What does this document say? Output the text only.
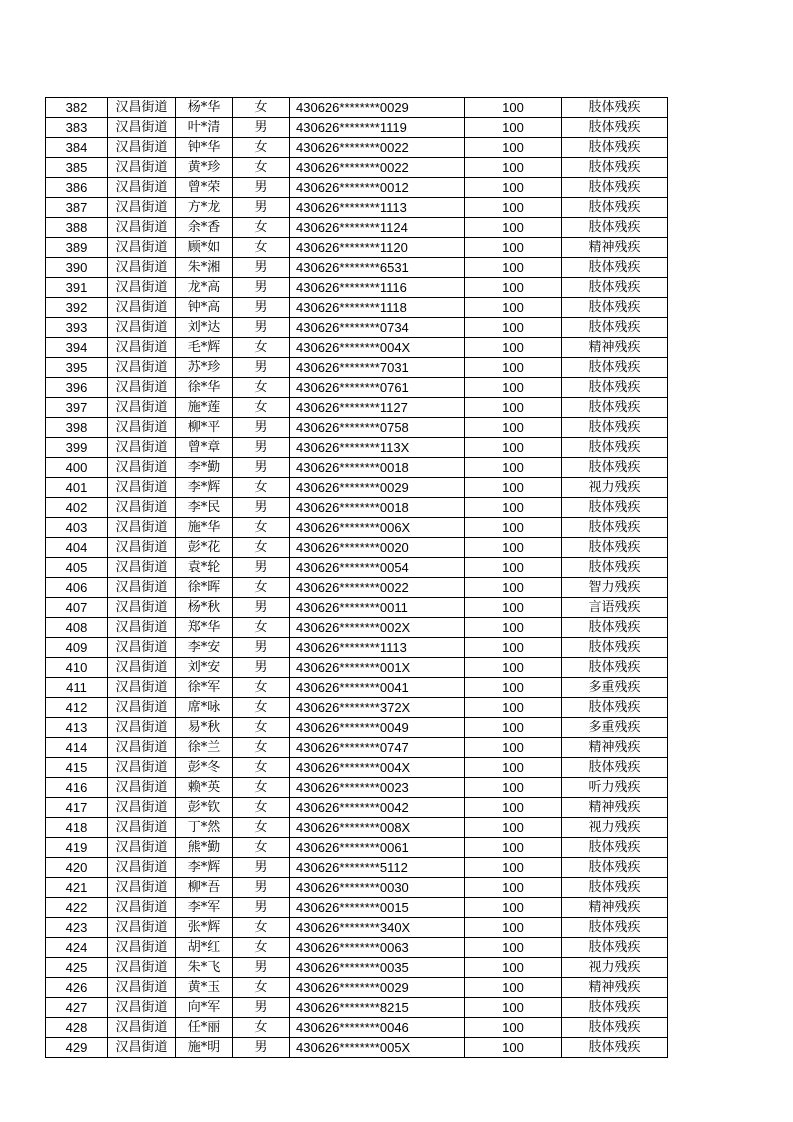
382	汉昌街道	杨*华	女	430626********0029	100	肢体残疾
383	汉昌街道	叶*清	男	430626********1119	100	肢体残疾
384	汉昌街道	钟*华	女	430626********0022	100	肢体残疾
385	汉昌街道	黄*珍	女	430626********0022	100	肢体残疾
386	汉昌街道	曾*荣	男	430626********0012	100	肢体残疾
387	汉昌街道	方*龙	男	430626********1113	100	肢体残疾
388	汉昌街道	余*香	女	430626********1124	100	肢体残疾
389	汉昌街道	顾*如	女	430626********1120	100	精神残疾
390	汉昌街道	朱*湘	男	430626********6531	100	肢体残疾
391	汉昌街道	龙*高	男	430626********1116	100	肢体残疾
392	汉昌街道	钟*高	男	430626********1118	100	肢体残疾
393	汉昌街道	刘*达	男	430626********0734	100	肢体残疾
394	汉昌街道	毛*辉	女	430626********004X	100	精神残疾
395	汉昌街道	苏*珍	男	430626********7031	100	肢体残疾
396	汉昌街道	徐*华	女	430626********0761	100	肢体残疾
397	汉昌街道	施*莲	女	430626********1127	100	肢体残疾
398	汉昌街道	柳*平	男	430626********0758	100	肢体残疾
399	汉昌街道	曾*章	男	430626********113X	100	肢体残疾
400	汉昌街道	李*勤	男	430626********0018	100	肢体残疾
401	汉昌街道	李*辉	女	430626********0029	100	视力残疾
402	汉昌街道	李*民	男	430626********0018	100	肢体残疾
403	汉昌街道	施*华	女	430626********006X	100	肢体残疾
404	汉昌街道	彭*花	女	430626********0020	100	肢体残疾
405	汉昌街道	袁*轮	男	430626********0054	100	肢体残疾
406	汉昌街道	徐*晖	女	430626********0022	100	智力残疾
407	汉昌街道	杨*秋	男	430626********0011	100	言语残疾
408	汉昌街道	郑*华	女	430626********002X	100	肢体残疾
409	汉昌街道	李*安	男	430626********1113	100	肢体残疾
410	汉昌街道	刘*安	男	430626********001X	100	肢体残疾
411	汉昌街道	徐*军	女	430626********0041	100	多重残疾
412	汉昌街道	席*咏	女	430626********372X	100	肢体残疾
413	汉昌街道	易*秋	女	430626********0049	100	多重残疾
414	汉昌街道	徐*兰	女	430626********0747	100	精神残疾
415	汉昌街道	彭*冬	女	430626********004X	100	肢体残疾
416	汉昌街道	赖*英	女	430626********0023	100	听力残疾
417	汉昌街道	彭*钦	女	430626********0042	100	精神残疾
418	汉昌街道	丁*然	女	430626********008X	100	视力残疾
419	汉昌街道	熊*勤	女	430626********0061	100	肢体残疾
420	汉昌街道	李*辉	男	430626********5112	100	肢体残疾
421	汉昌街道	柳*吾	男	430626********0030	100	肢体残疾
422	汉昌街道	李*军	男	430626********0015	100	精神残疾
423	汉昌街道	张*辉	女	430626********340X	100	肢体残疾
424	汉昌街道	胡*红	女	430626********0063	100	肢体残疾
425	汉昌街道	朱*飞	男	430626********0035	100	视力残疾
426	汉昌街道	黄*玉	女	430626********0029	100	精神残疾
427	汉昌街道	向*军	男	430626********8215	100	肢体残疾
428	汉昌街道	任*丽	女	430626********0046	100	肢体残疾
429	汉昌街道	施*明	男	430626********005X	100	肢体残疾
